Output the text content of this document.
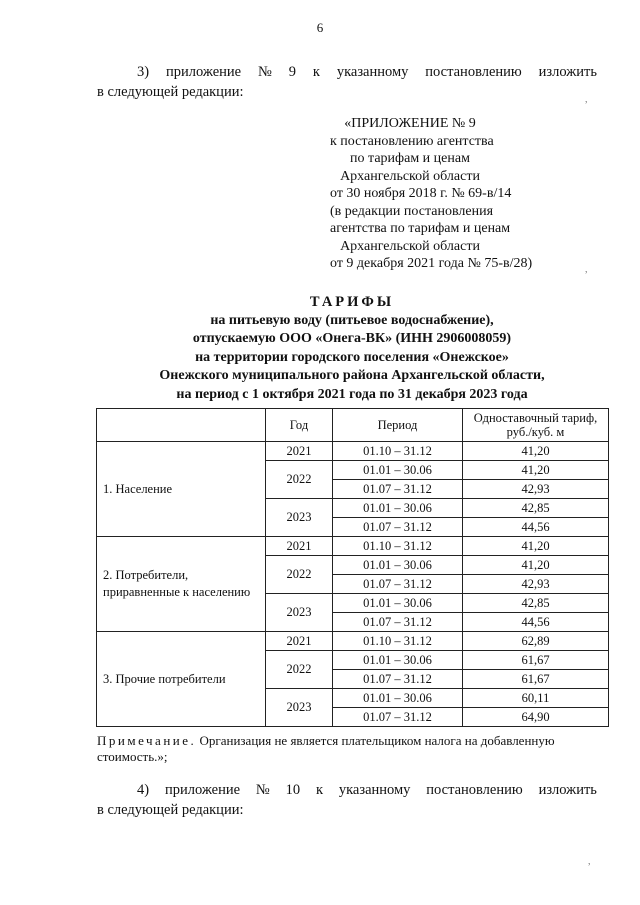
6
3) приложение № 9 к указанному постановлению изложить
в следующей редакции:
«ПРИЛОЖЕНИЕ № 9
к постановлению агентства
по тарифам и ценам
Архангельской области
от 30 ноября 2018 г. № 69-в/14
(в редакции постановления
агентства по тарифам и ценам
Архангельской области
от 9 декабря 2021 года № 75-в/28)
ТАРИФЫ
на питьевую воду (питьевое водоснабжение),
отпускаемую ООО «Онега-ВК» (ИНН 2906008059)
на территории городского поселения «Онежское»
Онежского муниципального района Архангельской области,
на период с 1 октября 2021 года по 31 декабря 2023 года
	Год	Период	Одноставочный тариф,
руб./куб. м

1. Население	2021	01.10 – 31.12	41,20
	2022	01.01 – 30.06	41,20
		01.07 – 31.12	42,93
	2023	01.01 – 30.06	42,85
		01.07 – 31.12	44,56

2. Потребители,
приравненные к населению	2021	01.10 – 31.12	41,20
	2022	01.01 – 30.06	41,20
		01.07 – 31.12	42,93
	2023	01.01 – 30.06	42,85
		01.07 – 31.12	44,56

3. Прочие потребители	2021	01.10 – 31.12	62,89
	2022	01.01 – 30.06	61,67
		01.07 – 31.12	61,67
	2023	01.01 – 30.06	60,11
		01.07 – 31.12	64,90
Примечание. Организация не является плательщиком налога на добавленную стоимость.»;
4) приложение № 10 к указанному постановлению изложить
в следующей редакции:
,
,
,
